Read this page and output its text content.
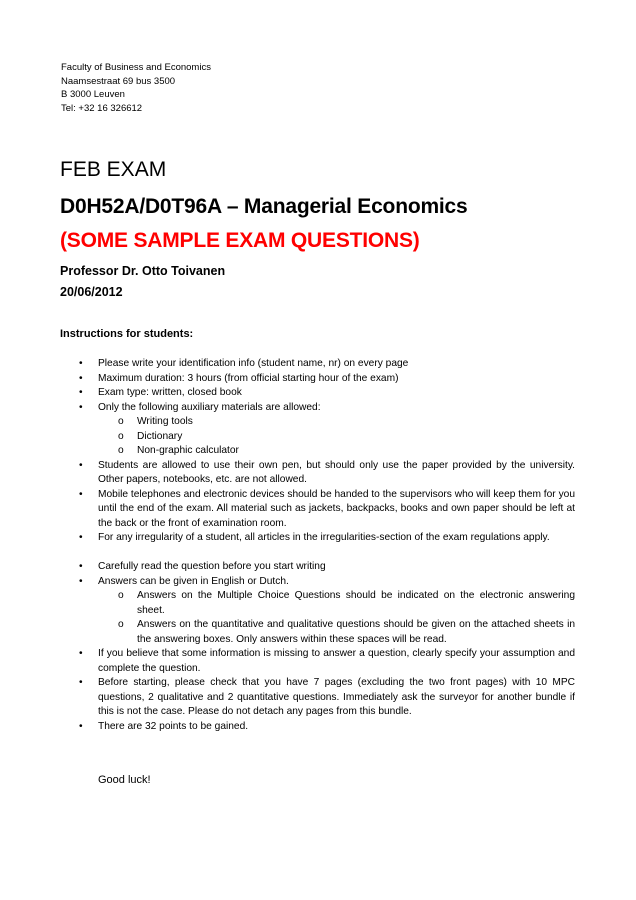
Faculty of Business and Economics
Naamsestraat 69 bus 3500
B 3000 Leuven
Tel: +32 16 326612
FEB EXAM
D0H52A/D0T96A – Managerial Economics
(SOME SAMPLE EXAM QUESTIONS)
Professor Dr. Otto Toivanen
20/06/2012
Instructions for students:
• Please write your identification info (student name, nr) on every page
• Maximum duration: 3 hours (from official starting hour of the exam)
• Exam type: written, closed book
• Only the following auxiliary materials are allowed:
o Writing tools
o Dictionary
o Non-graphic calculator
• Students are allowed to use their own pen, but should only use the paper provided by the university. Other papers, notebooks, etc. are not allowed.
• Mobile telephones and electronic devices should be handed to the supervisors who will keep them for you until the end of the exam. All material such as jackets, backpacks, books and own paper should be left at the back or the front of examination room.
• For any irregularity of a student, all articles in the irregularities-section of the exam regulations apply.
• Carefully read the question before you start writing
• Answers can be given in English or Dutch.
o Answers on the Multiple Choice Questions should be indicated on the electronic answering sheet.
o Answers on the quantitative and qualitative questions should be given on the attached sheets in the answering boxes. Only answers within these spaces will be read.
• If you believe that some information is missing to answer a question, clearly specify your assumption and complete the question.
• Before starting, please check that you have 7 pages (excluding the two front pages) with 10 MPC questions, 2 qualitative and 2 quantitative questions. Immediately ask the surveyor for another bundle if this is not the case. Please do not detach any pages from this bundle.
• There are 32 points to be gained.
Good luck!
